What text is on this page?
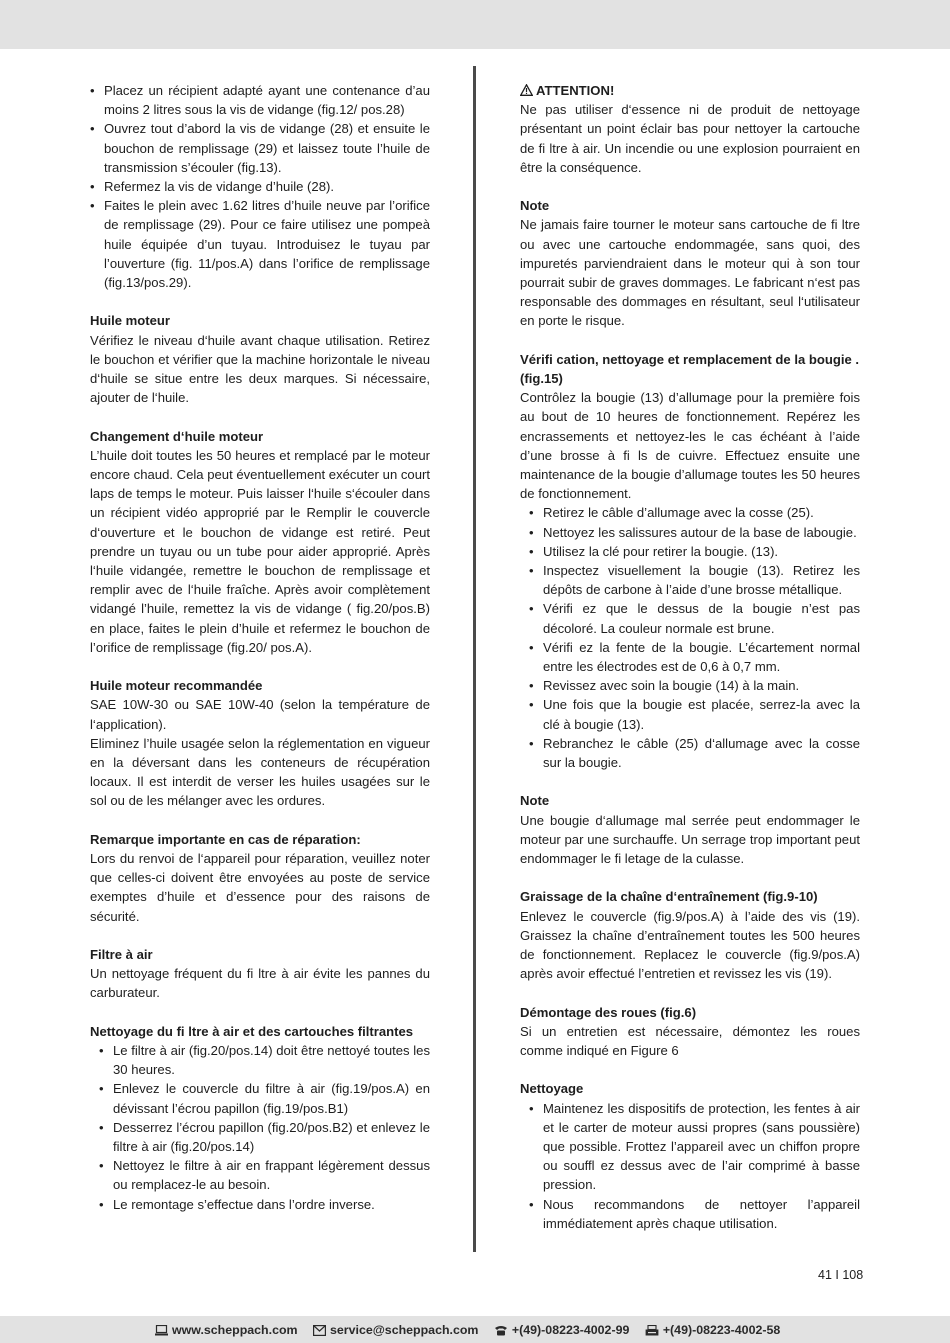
• Placez un récipient adapté ayant une contenance d’au moins 2 litres sous la vis de vidange (fig.12/ pos.28)
• Ouvrez tout d’abord la vis de vidange (28) et ensuite le bouchon de remplissage (29) et laissez toute l’huile de transmission s’écouler (fig.13).
• Refermez la vis de vidange d’huile (28).
• Faites le plein avec 1.62 litres d’huile neuve par l’orifice de remplissage (29). Pour ce faire utilisez une pompeà huile équipée d’un tuyau. Introduisez le tuyau par l’ouverture (fig. 11/pos.A) dans l’orifice de remplissage (fig.13/pos.29).

Huile moteur

Vérifiez le niveau d‘huile avant chaque utilisation. Retirez le bouchon et vérifier que la machine horizontale le niveau d‘huile se situe entre les deux marques. Si nécessaire, ajouter de l‘huile.

Changement d‘huile moteur

L’huile doit toutes les 50 heures et remplacé par le moteur encore chaud. Cela peut éventuellement exécuter un court laps de temps le moteur. Puis laisser l‘huile s‘écouler dans un récipient vidéo approprié par le Remplir le couvercle d‘ouverture et le bouchon de vidange est retiré. Peut prendre un tuyau ou un tube pour aider approprié. Après l‘huile vidangée, remettre le bouchon de remplissage et remplir avec de l‘huile fraîche. Après avoir complètement vidangé l’huile, remettez la vis de vidange ( fig.20/pos.B) en place, faites le plein d’huile et refermez le bouchon de l’orifice de remplissage (fig.20/ pos.A).

Huile moteur recommandée

SAE 10W-30 ou SAE 10W-40 (selon la température de l‘application).

Eliminez l’huile usagée selon la réglementation en vigueur en la déversant dans les conteneurs de récupération locaux. Il est interdit de verser les huiles usagées sur le sol ou de les mélanger avec les ordures.

Remarque importante en cas de réparation:

Lors du renvoi de l‘appareil pour réparation, veuillez noter que celles-ci doivent être envoyées au poste de service exemptes d’huile et d’essence pour des raisons de sécurité.

Filtre à air

Un nettoyage fréquent du fi ltre à air évite les pannes du carburateur.

Nettoyage du fi ltre à air et des cartouches filtrantes

• Le filtre à air (fig.20/pos.14) doit être nettoyé toutes les 30 heures.
• Enlevez le couvercle du filtre à air (fig.19/pos.A) en dévissant l’écrou papillon (fig.19/pos.B1)
• Desserrez l’écrou papillon (fig.20/pos.B2) et enlevez le filtre à air (fig.20/pos.14)
• Nettoyez le filtre à air en frappant légèrement dessus ou remplacez-le au besoin.
• Le remontage s’effectue dans l’ordre inverse.

ATTENTION!

Ne pas utiliser d‘essence ni de produit de nettoyage présentant un point éclair bas pour nettoyer la cartouche de fi ltre à air. Un incendie ou une explosion pourraient en être la conséquence.

Note

Ne jamais faire tourner le moteur sans cartouche de fi ltre ou avec une cartouche endommagée, sans quoi, des impuretés parviendraient dans le moteur qui à son tour pourrait subir de graves dommages. Le fabricant n‘est pas responsable des dommages en résultant, seul l‘utilisateur en porte le risque.

Vérifi cation, nettoyage et remplacement de la bougie . (fig.15)

Contrôlez la bougie (13) d’allumage pour la première fois au bout de 10 heures de fonctionnement. Repérez les encrassements et nettoyez-les le cas échéant à l’aide d’une brosse à fi ls de cuivre. Effectuez ensuite une maintenance de la bougie d’allumage toutes les 50 heures de fonctionnement.

• Retirez le câble d’allumage avec la cosse (25).
• Nettoyez les salissures autour de la base de labougie.
• Utilisez la clé pour retirer la bougie. (13).
• Inspectez visuellement la bougie (13). Retirez les dépôts de carbone à l’aide d’une brosse métallique.
• Vérifi ez que le dessus de la bougie n’est pas décoloré. La couleur normale est brune.
• Vérifi ez la fente de la bougie. L’écartement normal entre les électrodes est de 0,6 à 0,7 mm.
• Revissez avec soin la bougie (14) à la main.
• Une fois que la bougie est placée, serrez-la avec la clé à bougie (13).
• Rebranchez le câble (25) d‘allumage avec la cosse sur la bougie.

Note

Une bougie d‘allumage mal serrée peut endommager le moteur par une surchauffe. Un serrage trop important peut endommager le fi letage de la culasse.

Graissage de la chaîne d‘entraînement (fig.9-10)

Enlevez le couvercle (fig.9/pos.A) à l’aide des vis (19). Graissez la chaîne d’entraînement toutes les 500 heures de fonctionnement. Replacez le couvercle (fig.9/pos.A) après avoir effectué l’entretien et revissez les vis (19).

Démontage des roues (fig.6)

Si un entretien est nécessaire, démontez les roues comme indiqué en Figure 6

Nettoyage

• Maintenez les dispositifs de protection, les fentes à air et le carter de moteur aussi propres (sans poussière) que possible. Frottez l’appareil avec un chiffon propre ou souffl ez dessus avec de l’air comprimé à basse pression.
• Nous recommandons de nettoyer l’appareil immédiatement après chaque utilisation.
41 I 108
www.scheppach.com
	service@scheppach.com
	+(49)-08223-4002-99
	+(49)-08223-4002-58
